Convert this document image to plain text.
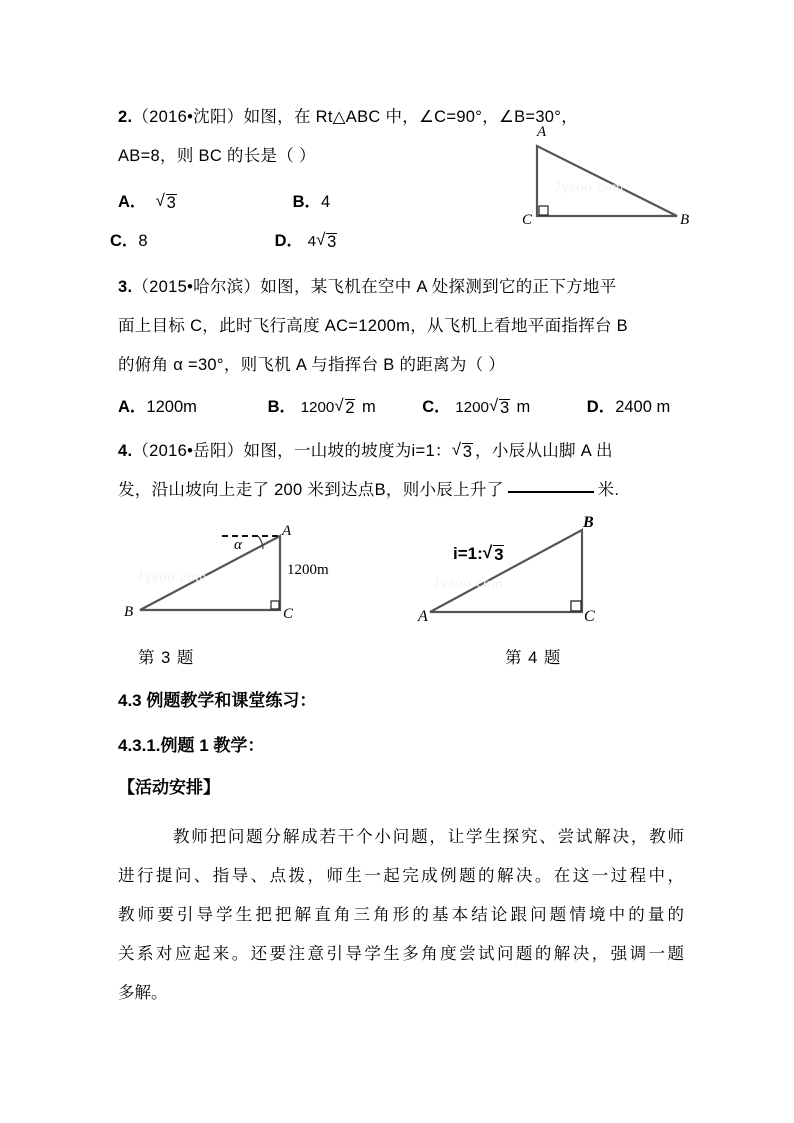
2.（2016•沈阳）如图，在 Rt△ABC 中，∠C=90°，∠B=30°，
AB=8，则 BC 的长是（ ）
A． √ 3	B．4
C．8	D． 4 √ 3
A
C	B
Jyeoo.com
3.（2015•哈尔滨）如图，某飞机在空中 A 处探测到它的正下方地平
面上目标 C，此时飞行高度 AC=1200m，从飞机上看地平面指挥台 B
的俯角 α =30°，则飞机 A 与指挥台 B 的距离为（ ）
A．1200m	B． 1200 √ 2 m	C． 1200 √ 3 m	D．2400 m
4.（2016•岳阳）如图，一山坡的坡度为i=1： √ 3 ，小辰从山脚 A 出
发，沿山坡向上走了 200 米到达点B，则小辰上升了	米.
A
B	C
α
1200m
Jyeoo.com
第 3 题
B
A	C
i=1: √ 3
Jyeoo.com
第 4 题
4.3 例题教学和课堂练习：
4.3.1.例题 1 教学：
【活动安排】
　　　教师把问题分解成若干个小问题，让学生探究、尝试解决，教师
进行提问、指导、点拨，师生一起完成例题的解决。在这一过程中，
教师要引导学生把把解直角三角形的基本结论跟问题情境中的量的
关系对应起来。还要注意引导学生多角度尝试问题的解决，强调一题
多解。
